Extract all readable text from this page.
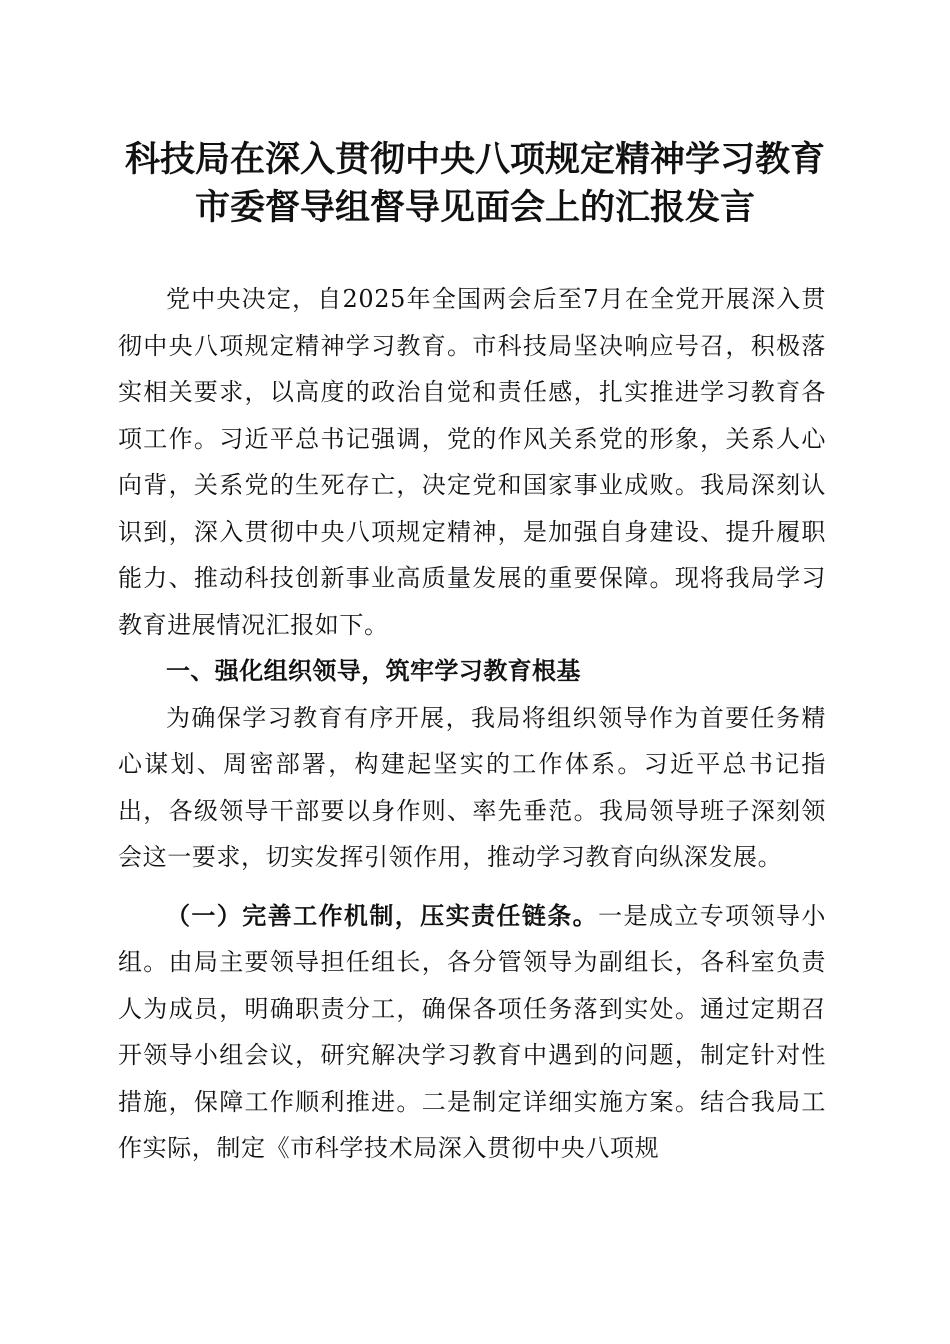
科技局在深入贯彻中央八项规定精神学习教育
市委督导组督导见面会上的汇报发言

党中央决定，自2025年全国两会后至7月在全党开展深入贯彻中央八项规定精神学习教育。市科技局坚决响应号召，积极落实相关要求，以高度的政治自觉和责任感，扎实推进学习教育各项工作。习近平总书记强调，党的作风关系党的形象，关系人心向背，关系党的生死存亡，决定党和国家事业成败。我局深刻认识到，深入贯彻中央八项规定精神，是加强自身建设、提升履职能力、推动科技创新事业高质量发展的重要保障。现将我局学习教育进展情况汇报如下。

一、强化组织领导，筑牢学习教育根基

为确保学习教育有序开展，我局将组织领导作为首要任务精心谋划、周密部署，构建起坚实的工作体系。习近平总书记指出，各级领导干部要以身作则、率先垂范。我局领导班子深刻领会这一要求，切实发挥引领作用，推动学习教育向纵深发展。

（一）完善工作机制，压实责任链条。一是成立专项领导小组。由局主要领导担任组长，各分管领导为副组长，各科室负责人为成员，明确职责分工，确保各项任务落到实处。通过定期召开领导小组会议，研究解决学习教育中遇到的问题，制定针对性措施，保障工作顺利推进。二是制定详细实施方案。结合我局工作实际，制定《市科学技术局深入贯彻中央八项规
